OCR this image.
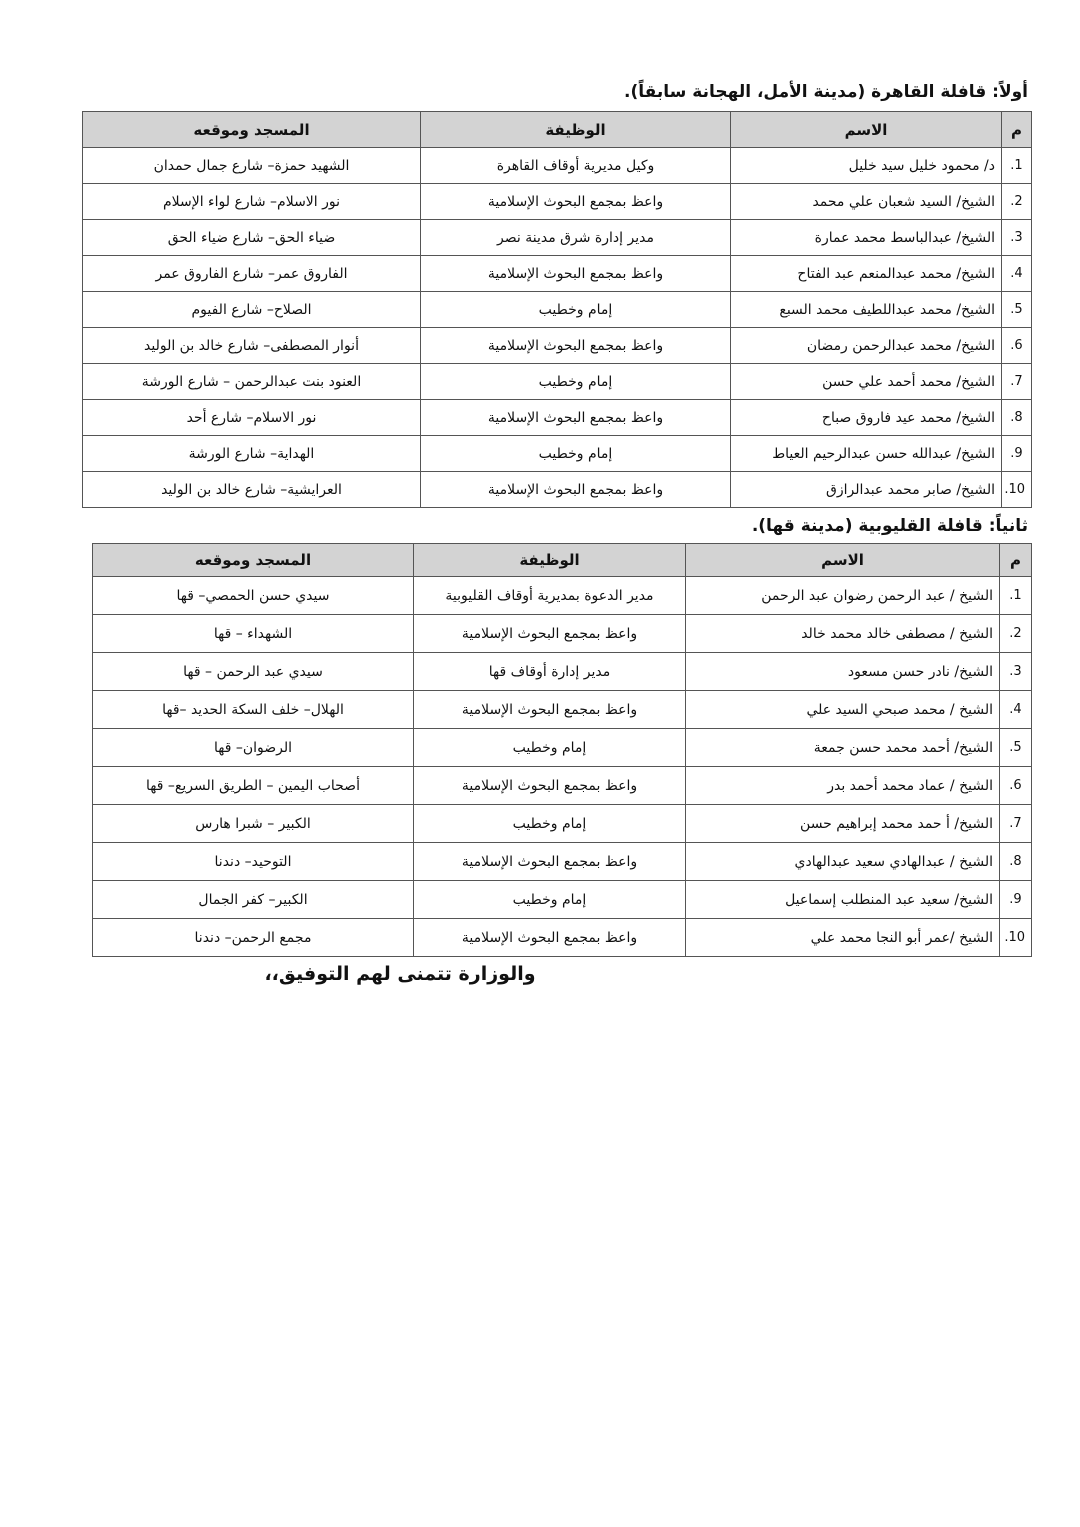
أولاً: قافلة القاهرة (مدينة الأمل، الهجانة سابقاً).
م	الاسم	الوظيفة	المسجد وموقعه
1.	د/ محمود خليل سيد خليل	وكيل مديرية أوقاف القاهرة	الشهيد حمزة– شارع جمال حمدان
2.	الشيخ/ السيد شعبان علي محمد	واعظ بمجمع البحوث الإسلامية	نور الاسلام– شارع لواء الإسلام
3.	الشيخ/ عبدالباسط محمد عمارة	مدير إدارة شرق مدينة نصر	ضياء الحق– شارع ضياء الحق
4.	الشيخ/ محمد عبدالمنعم عبد الفتاح	واعظ بمجمع البحوث الإسلامية	الفاروق عمر– شارع الفاروق عمر
5.	الشيخ/ محمد عبداللطيف محمد السبع	إمام وخطيب	الصلاح– شارع الفيوم
6.	الشيخ/ محمد عبدالرحمن رمضان	واعظ بمجمع البحوث الإسلامية	أنوار المصطفى– شارع خالد بن الوليد
7.	الشيخ/ محمد أحمد علي حسن	إمام وخطيب	العنود بنت عبدالرحمن – شارع الورشة
8.	الشيخ/ محمد عيد فاروق صباح	واعظ بمجمع البحوث الإسلامية	نور الاسلام– شارع أحد
9.	الشيخ/ عبدالله حسن عبدالرحيم العياط	إمام وخطيب	الهداية– شارع الورشة
10.	الشيخ/ صابر محمد عبدالرازق	واعظ بمجمع البحوث الإسلامية	العرايشية– شارع خالد بن الوليد
ثانياً: قافلة القليوبية (مدينة قها).
م	الاسم	الوظيفة	المسجد وموقعه
1.	الشيخ / عبد الرحمن رضوان عبد الرحمن	مدير الدعوة بمديرية أوقاف القليوبية	سيدي حسن الحمصي– قها
2.	الشيخ / مصطفى خالد محمد خالد	واعظ بمجمع البحوث الإسلامية	الشهداء – قها
3.	الشيخ/ نادر حسن مسعود	مدير إدارة أوقاف قها	سيدي عبد الرحمن – قها
4.	الشيخ / محمد صبحي السيد علي	واعظ بمجمع البحوث الإسلامية	الهلال– خلف السكة الحديد –قها
5.	الشيخ/ أحمد محمد حسن جمعة	إمام وخطيب	الرضوان– قها
6.	الشيخ / عماد محمد أحمد بدر	واعظ بمجمع البحوث الإسلامية	أصحاب اليمين – الطريق السريع– قها
7.	الشيخ/ أ حمد محمد إبراهيم حسن	إمام وخطيب	الكبير – شبرا هارس
8.	الشيخ / عبدالهادي سعيد عبدالهادي	واعظ بمجمع البحوث الإسلامية	التوحيد– دندنا
9.	الشيخ/ سعيد عبد المنطلب إسماعيل	إمام وخطيب	الكبير– كفر الجمال
10.	الشيخ /عمر أبو النجا محمد علي	واعظ بمجمع البحوث الإسلامية	مجمع الرحمن– دندنا
والوزارة تتمنى لهم التوفيق،،
